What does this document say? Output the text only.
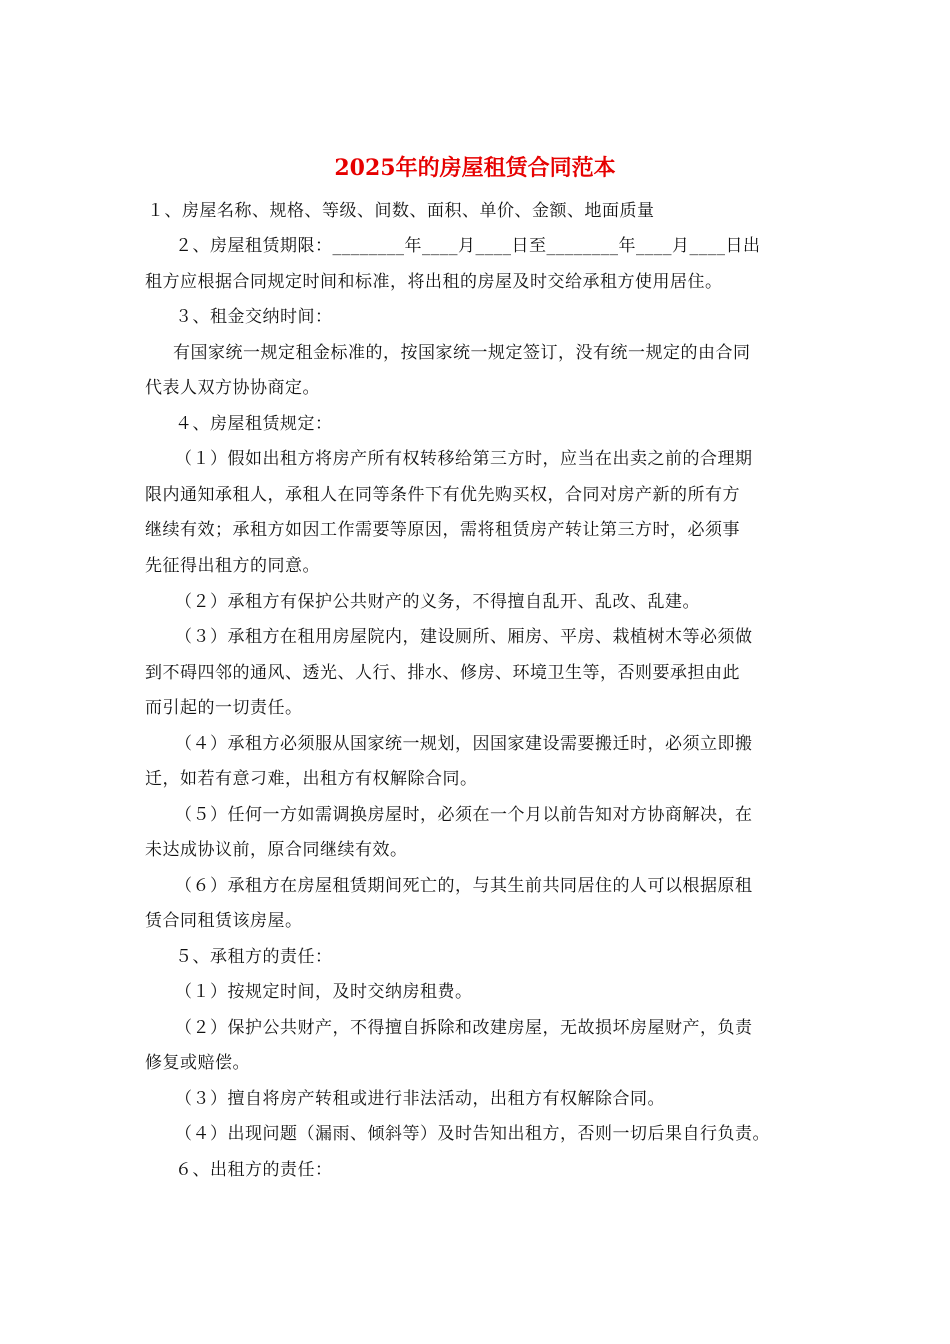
2025年的房屋租赁合同范本
１、房屋名称、规格、等级、间数、面积、单价、金额、地面质量
２、房屋租赁期限：________年____月____日至________年____月____日出
租方应根据合同规定时间和标准，将出租的房屋及时交给承租方使用居住。
３、租金交纳时间：
有国家统一规定租金标准的，按国家统一规定签订，没有统一规定的由合同
代表人双方协协商定。
４、房屋租赁规定：
（１）假如出租方将房产所有权转移给第三方时，应当在出卖之前的合理期
限内通知承租人，承租人在同等条件下有优先购买权，合同对房产新的所有方
继续有效；承租方如因工作需要等原因，需将租赁房产转让第三方时，必须事
先征得出租方的同意。
（２）承租方有保护公共财产的义务，不得擅自乱开、乱改、乱建。
（３）承租方在租用房屋院内，建设厕所、厢房、平房、栽植树木等必须做
到不碍四邻的通风、透光、人行、排水、修房、环境卫生等，否则要承担由此
而引起的一切责任。
（４）承租方必须服从国家统一规划，因国家建设需要搬迁时，必须立即搬
迁，如若有意刁难，出租方有权解除合同。
（５）任何一方如需调换房屋时，必须在一个月以前告知对方协商解决，在
未达成协议前，原合同继续有效。
（６）承租方在房屋租赁期间死亡的，与其生前共同居住的人可以根据原租
赁合同租赁该房屋。
５、承租方的责任：
（１）按规定时间，及时交纳房租费。
（２）保护公共财产，不得擅自拆除和改建房屋，无故损坏房屋财产，负责
修复或赔偿。
（３）擅自将房产转租或进行非法活动，出租方有权解除合同。
（４）出现问题（漏雨、倾斜等）及时告知出租方，否则一切后果自行负责。
６、出租方的责任：
